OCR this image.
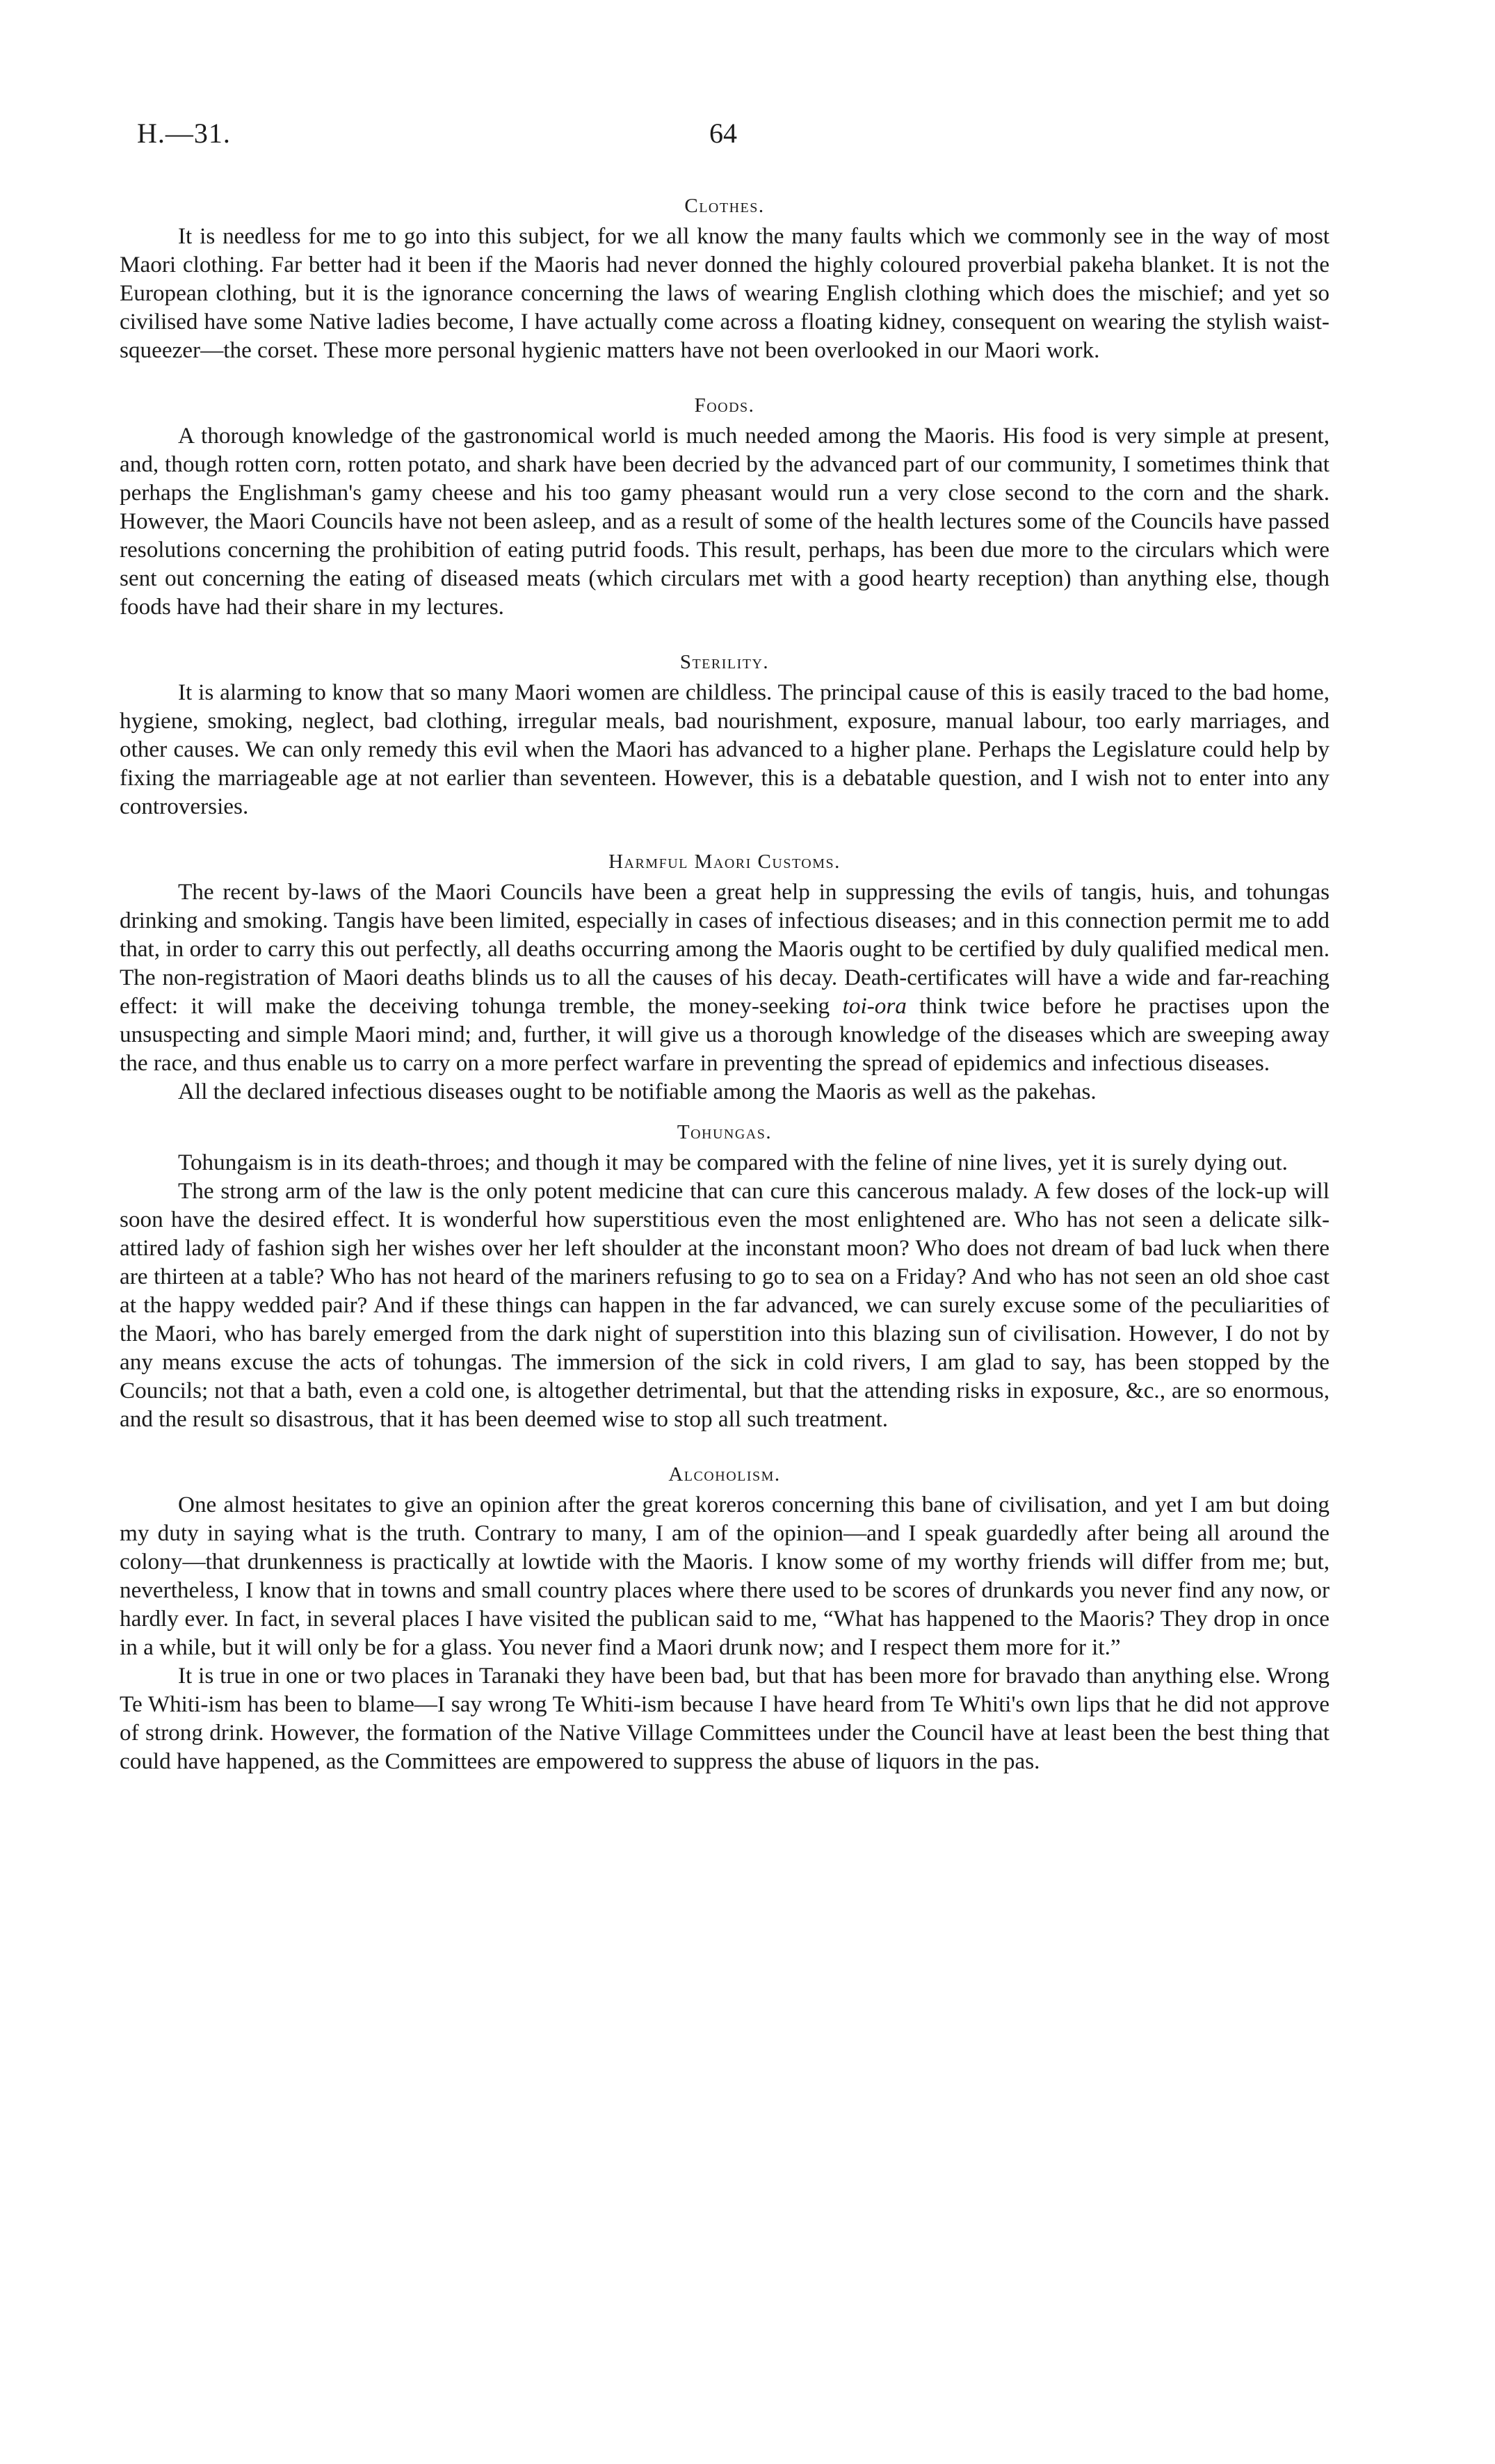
H.—31.	64
Clothes.

It is needless for me to go into this subject, for we all know the many faults which we commonly see in the way of most Maori clothing. Far better had it been if the Maoris had never donned the highly coloured proverbial pakeha blanket. It is not the European clothing, but it is the ignorance concerning the laws of wearing English clothing which does the mischief; and yet so civilised have some Native ladies become, I have actually come across a floating kidney, consequent on wearing the stylish waist-squeezer—the corset. These more personal hygienic matters have not been overlooked in our Maori work.

Foods.

A thorough knowledge of the gastronomical world is much needed among the Maoris. His food is very simple at present, and, though rotten corn, rotten potato, and shark have been decried by the advanced part of our community, I sometimes think that perhaps the Englishman's gamy cheese and his too gamy pheasant would run a very close second to the corn and the shark. However, the Maori Councils have not been asleep, and as a result of some of the health lectures some of the Councils have passed resolutions concerning the prohibition of eating putrid foods. This result, perhaps, has been due more to the circulars which were sent out concerning the eating of diseased meats (which circulars met with a good hearty reception) than anything else, though foods have had their share in my lectures.

Sterility.

It is alarming to know that so many Maori women are childless. The principal cause of this is easily traced to the bad home, hygiene, smoking, neglect, bad clothing, irregular meals, bad nourishment, exposure, manual labour, too early marriages, and other causes. We can only remedy this evil when the Maori has advanced to a higher plane. Perhaps the Legislature could help by fixing the marriageable age at not earlier than seventeen. However, this is a debatable question, and I wish not to enter into any controversies.

Harmful Maori Customs.

The recent by-laws of the Maori Councils have been a great help in suppressing the evils of tangis, huis, and tohungas drinking and smoking. Tangis have been limited, especially in cases of infectious diseases; and in this connection permit me to add that, in order to carry this out perfectly, all deaths occurring among the Maoris ought to be certified by duly qualified medical men. The non-registration of Maori deaths blinds us to all the causes of his decay. Death-certificates will have a wide and far-reaching effect: it will make the deceiving tohunga tremble, the money-seeking toi-ora think twice before he practises upon the unsuspecting and simple Maori mind; and, further, it will give us a thorough knowledge of the diseases which are sweeping away the race, and thus enable us to carry on a more perfect warfare in preventing the spread of epidemics and infectious diseases.

All the declared infectious diseases ought to be notifiable among the Maoris as well as the pakehas.

Tohungas.

Tohungaism is in its death-throes; and though it may be compared with the feline of nine lives, yet it is surely dying out.

The strong arm of the law is the only potent medicine that can cure this cancerous malady. A few doses of the lock-up will soon have the desired effect. It is wonderful how superstitious even the most enlightened are. Who has not seen a delicate silk-attired lady of fashion sigh her wishes over her left shoulder at the inconstant moon? Who does not dream of bad luck when there are thirteen at a table? Who has not heard of the mariners refusing to go to sea on a Friday? And who has not seen an old shoe cast at the happy wedded pair? And if these things can happen in the far advanced, we can surely excuse some of the peculiarities of the Maori, who has barely emerged from the dark night of superstition into this blazing sun of civilisation. However, I do not by any means excuse the acts of tohungas. The immersion of the sick in cold rivers, I am glad to say, has been stopped by the Councils; not that a bath, even a cold one, is altogether detrimental, but that the attending risks in exposure, &c., are so enormous, and the result so disastrous, that it has been deemed wise to stop all such treatment.

Alcoholism.

One almost hesitates to give an opinion after the great koreros concerning this bane of civilisation, and yet I am but doing my duty in saying what is the truth. Contrary to many, I am of the opinion—and I speak guardedly after being all around the colony—that drunkenness is practically at lowtide with the Maoris. I know some of my worthy friends will differ from me; but, nevertheless, I know that in towns and small country places where there used to be scores of drunkards you never find any now, or hardly ever. In fact, in several places I have visited the publican said to me, “What has happened to the Maoris? They drop in once in a while, but it will only be for a glass. You never find a Maori drunk now; and I respect them more for it.”

It is true in one or two places in Taranaki they have been bad, but that has been more for bravado than anything else. Wrong Te Whiti-ism has been to blame—I say wrong Te Whiti-ism because I have heard from Te Whiti's own lips that he did not approve of strong drink. However, the formation of the Native Village Committees under the Council have at least been the best thing that could have happened, as the Committees are empowered to suppress the abuse of liquors in the pas.
